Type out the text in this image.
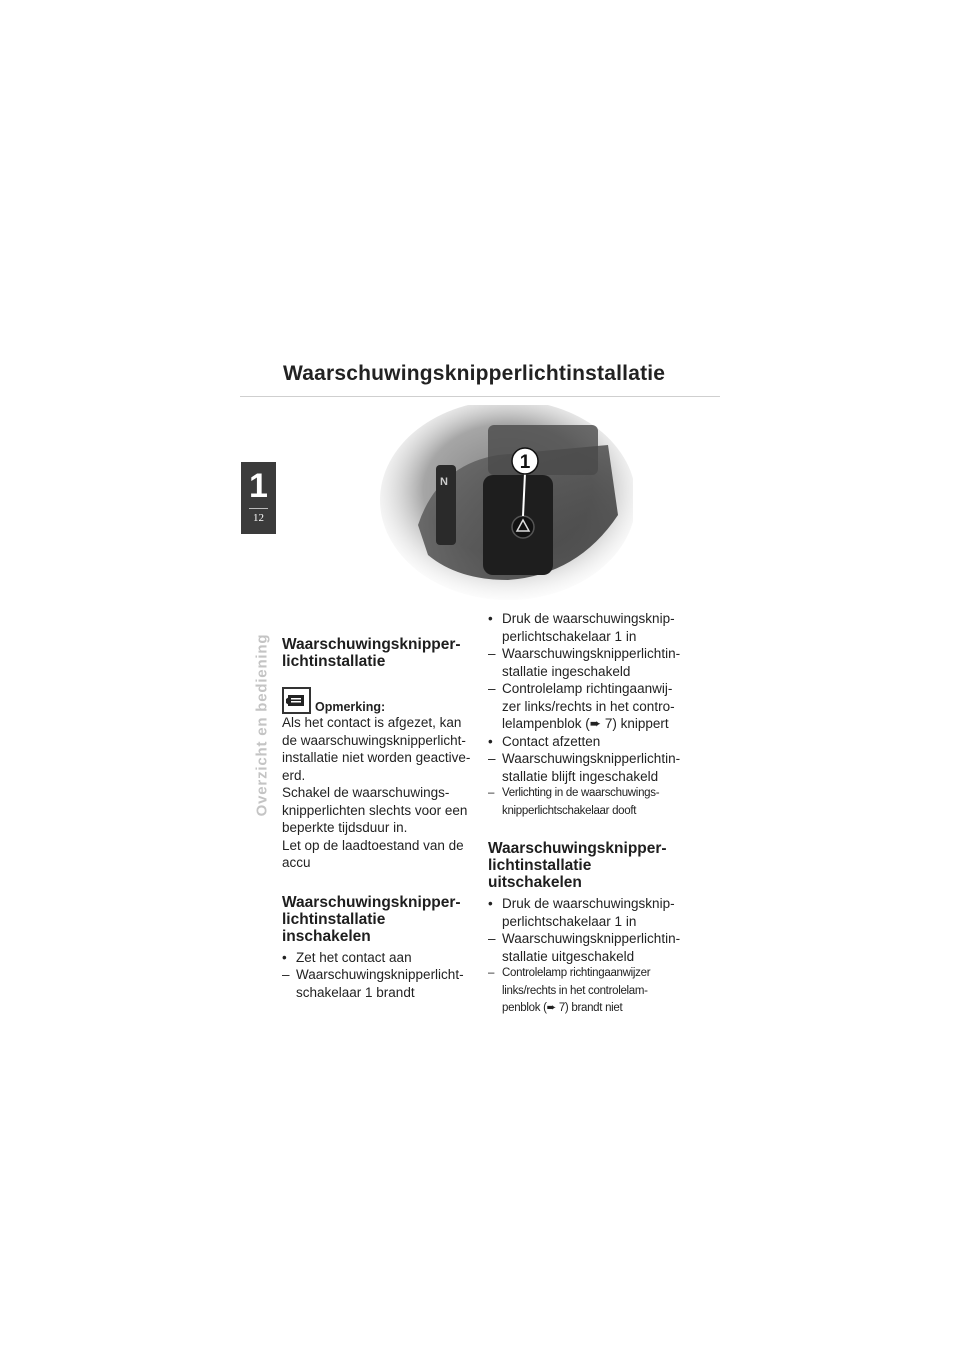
Waarschuwingsknipperlichtinstallatie
1
12
Overzicht en bediening
N
1
Waarschuwingsknipper-
lichtinstallatie
Opmerking:

Als het contact is afgezet, kan
de waarschuwingsknipperlicht-
installatie niet worden geactive-
erd.
Schakel de waarschuwings-
knipperlichten slechts voor een
beperkte tijdsduur in.
Let op de laadtoestand van de
accu

Waarschuwingsknipper-
lichtinstallatie
inschakelen
• Zet het contact aan
– Waarschuwingsknipperlicht-
schakelaar 1 brandt
• Druk de waarschuwingsknip-
perlichtschakelaar 1 in
– Waarschuwingsknipperlichtin-
stallatie ingeschakeld
– Controlelamp richtingaanwij-
zer links/rechts in het contro-
lelampenblok (➨ 7) knippert
• Contact afzetten
– Waarschuwingsknipperlichtin-
stallatie blijft ingeschakeld
– Verlichting in de waarschuwings-
knipperlichtschakelaar dooft
Waarschuwingsknipper-
lichtinstallatie
uitschakelen
• Druk de waarschuwingsknip-
perlichtschakelaar 1 in
– Waarschuwingsknipperlichtin-
stallatie uitgeschakeld
– Controlelamp richtingaanwijzer
links/rechts in het controlelam-
penblok (➨ 7) brandt niet
